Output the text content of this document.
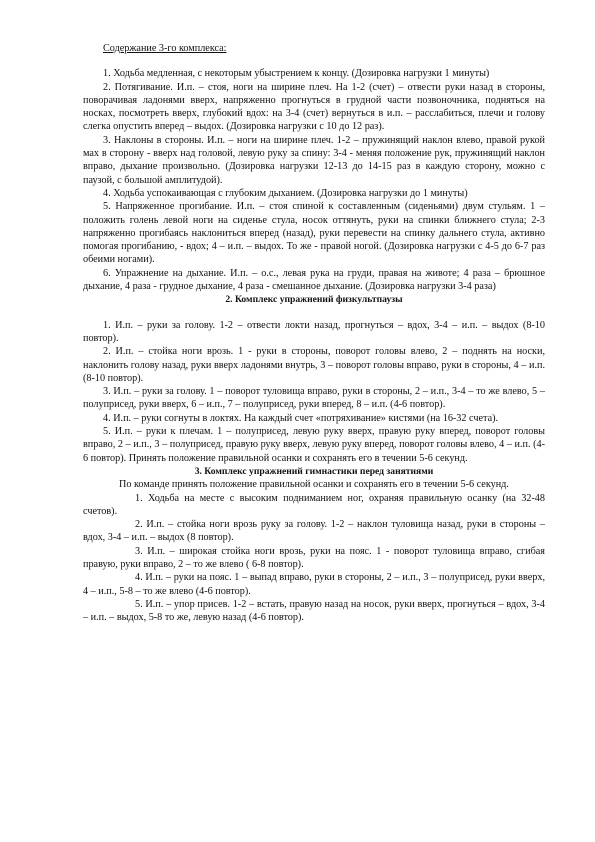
Содержание 3-го комплекса:

1. Ходьба медленная, с некоторым убыстрением к концу. (Дозировка нагрузки 1 минуты)

2. Потягивание. И.п. – стоя, ноги на ширине плеч. На 1-2 (счет) – отвести руки назад в стороны, поворачивая ладонями вверх, напряженно прогнуться в грудной части позвоночника, подняться на носках, посмотреть вверх, глубокий вдох: на 3-4 (счет) вернуться в и.п. – расслабиться, плечи и голову слегка опустить вперед – выдох. (Дозировка нагрузки с 10 до 12 раз).

3. Наклоны в стороны. И.п. – ноги на ширине плеч. 1-2 – пружинящий наклон влево, правой рукой мах в сторону - вверх над головой, левую руку за спину: 3-4 - меняя положение рук, пружинящий наклон вправо, дыхание произвольно. (Дозировка нагрузки 12-13 до 14-15 раз в каждую сторону, можно с паузой, с большой амплитудой).

4. Ходьба успокаивающая с глубоким дыханием. (Дозировка нагрузки до 1 минуты)

5. Напряженное прогибание. И.п. – стоя спиной к составленным (сиденьями) двум стульям. 1 – положить голень левой ноги на сиденье стула, носок оттянуть, руки на спинки ближнего стула; 2-3 напряженно прогибаясь наклониться вперед (назад), руки перевести на спинку дальнего стула, активно помогая прогибанию, - вдох; 4 – и.п. – выдох. То же - правой ногой. (Дозировка нагрузки с 4-5 до 6-7 раз обеими ногами).

6. Упражнение на дыхание. И.п. – о.с., левая рука на груди, правая на животе; 4 раза – брюшное дыхание, 4 раза - грудное дыхание, 4 раза - смешанное дыхание. (Дозировка нагрузки 3-4 раза)

2. Комплекс упражнений физкультпаузы

1. И.п. – руки за голову. 1-2 – отвести локти назад, прогнуться – вдох, 3-4 – и.п. – выдох (8-10 повтор).

2. И.п. – стойка ноги врозь. 1 - руки в стороны, поворот головы влево, 2 – поднять на носки, наклонить голову назад, руки вверх ладонями внутрь, 3 – поворот головы вправо, руки в стороны, 4 – и.п. (8-10 повтор).

3. И.п. – руки за голову. 1 – поворот туловища вправо, руки в стороны, 2 – и.п., 3-4 – то же влево, 5 – полуприсед, руки вверх, 6 – и.п., 7 – полуприсед, руки вперед, 8 – и.п. (4-6 повтор).

4. И.п. – руки согнуты в локтях. На каждый счет «потряхивание» кистями (на 16-32 счета).

5. И.п. – руки к плечам. 1 – полуприсед, левую руку вверх, правую руку вперед, поворот головы вправо, 2 – и.п., 3 – полуприсед, правую руку вверх, левую руку вперед, поворот головы влево, 4 – и.п. (4-6 повтор). Принять положение правильной осанки и сохранять его в течении 5-6 секунд.

3. Комплекс упражнений гимнастики перед занятиями

По команде принять положение правильной осанки и сохранять его в течении 5-6 секунд.

1. Ходьба на месте с высоким подниманием ног, охраняя правильную осанку (на 32-48 счетов).

2. И.п. – стойка ноги врозь руку за голову. 1-2 – наклон туловища назад, руки в стороны – вдох, 3-4 – и.п. – выдох (8 повтор).

3. И.п. – широкая стойка ноги врозь, руки на пояс. 1 - поворот туловища вправо, сгибая правую, руки вправо, 2 – то же влево ( 6-8 повтор).

4. И.п. – руки на пояс. 1 – выпад вправо, руки в стороны, 2 – и.п., 3 – полуприсед, руки вверх, 4 – и.п., 5-8 – то же влево (4-6 повтор).

5. И.п. – упор присев. 1-2 – встать, правую назад на носок, руки вверх, прогнуться – вдох, 3-4 – и.п. – выдох, 5-8 то же, левую назад (4-6 повтор).
